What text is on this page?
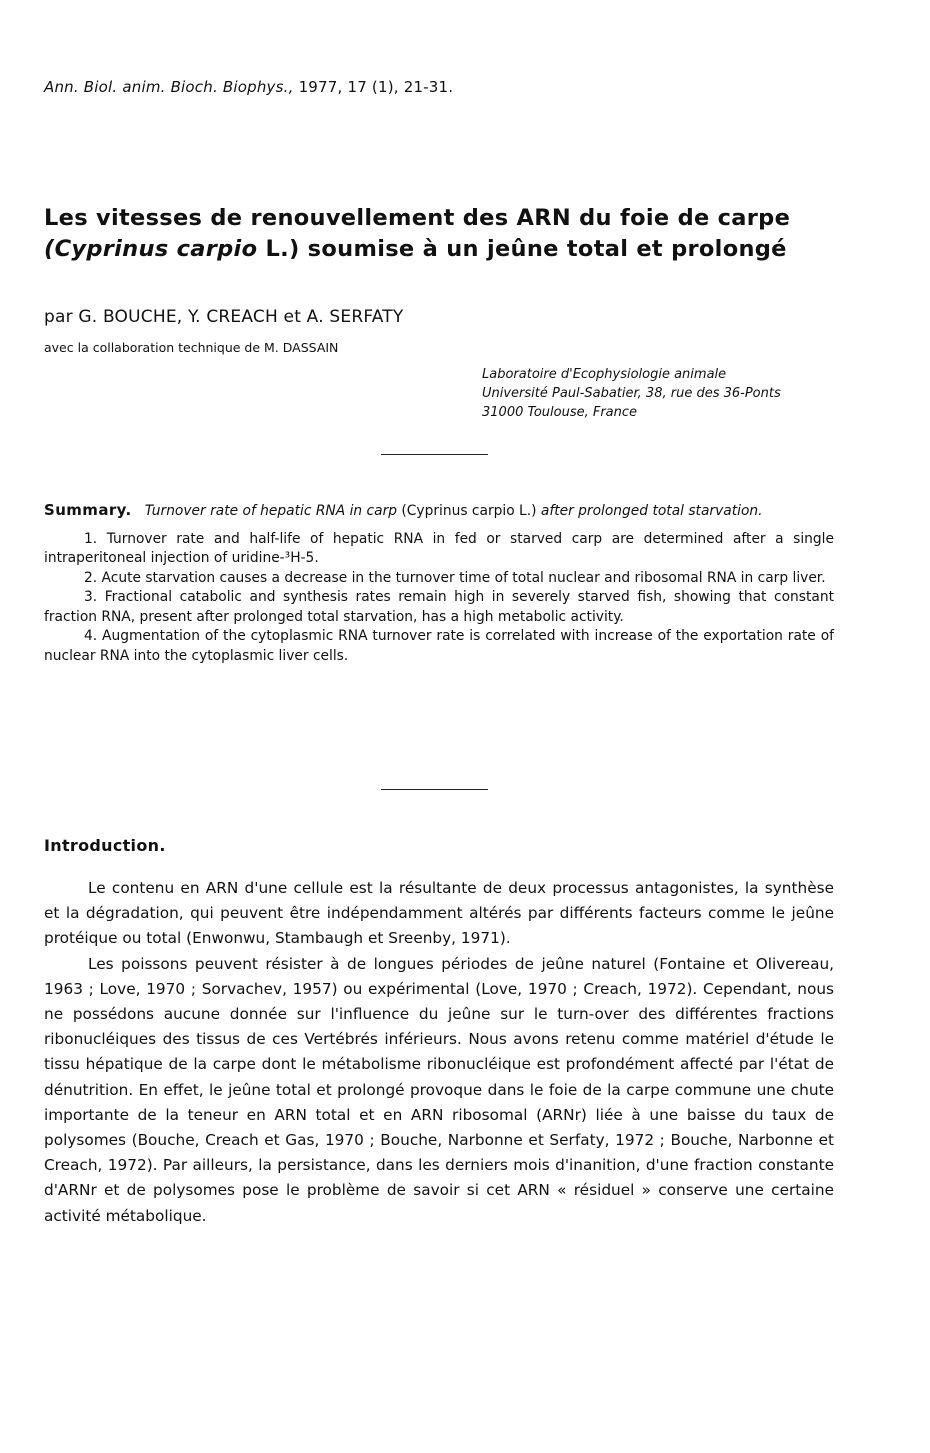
Ann. Biol. anim. Bioch. Biophys., 1977, 17 (1), 21-31.
Les vitesses de renouvellement des ARN du foie de carpe
(Cyprinus carpio L.) soumise à un jeûne total et prolongé
par G. BOUCHE, Y. CREACH et A. SERFATY
avec la collaboration technique de M. DASSAIN
Laboratoire d'Ecophysiologie animale
Université Paul-Sabatier, 38, rue des 36-Ponts
31000 Toulouse, France

Summary. Turnover rate of hepatic RNA in carp (Cyprinus carpio L.) after prolonged total starvation.

1. Turnover rate and half-life of hepatic RNA in fed or starved carp are determined after a single intraperitoneal injection of uridine-³H-5.

2. Acute starvation causes a decrease in the turnover time of total nuclear and ribosomal RNA in carp liver.

3. Fractional catabolic and synthesis rates remain high in severely starved fish, showing that constant fraction RNA, present after prolonged total starvation, has a high metabolic activity.

4. Augmentation of the cytoplasmic RNA turnover rate is correlated with increase of the exportation rate of nuclear RNA into the cytoplasmic liver cells.

Introduction.

Le contenu en ARN d'une cellule est la résultante de deux processus antagonistes, la synthèse et la dégradation, qui peuvent être indépendamment altérés par différents facteurs comme le jeûne protéique ou total (Enwonwu, Stambaugh et Sreenby, 1971).

Les poissons peuvent résister à de longues périodes de jeûne naturel (Fontaine et Olivereau, 1963 ; Love, 1970 ; Sorvachev, 1957) ou expérimental (Love, 1970 ; Creach, 1972). Cependant, nous ne possédons aucune donnée sur l'influence du jeûne sur le turn-over des différentes fractions ribonucléiques des tissus de ces Vertébrés inférieurs. Nous avons retenu comme matériel d'étude le tissu hépatique de la carpe dont le métabolisme ribonucléique est profondément affecté par l'état de dénutrition. En effet, le jeûne total et prolongé provoque dans le foie de la carpe commune une chute importante de la teneur en ARN total et en ARN ribosomal (ARNr) liée à une baisse du taux de polysomes (Bouche, Creach et Gas, 1970 ; Bouche, Narbonne et Serfaty, 1972 ; Bouche, Narbonne et Creach, 1972). Par ailleurs, la persistance, dans les derniers mois d'inanition, d'une fraction constante d'ARNr et de polysomes pose le problème de savoir si cet ARN « résiduel » conserve une certaine activité métabolique.
